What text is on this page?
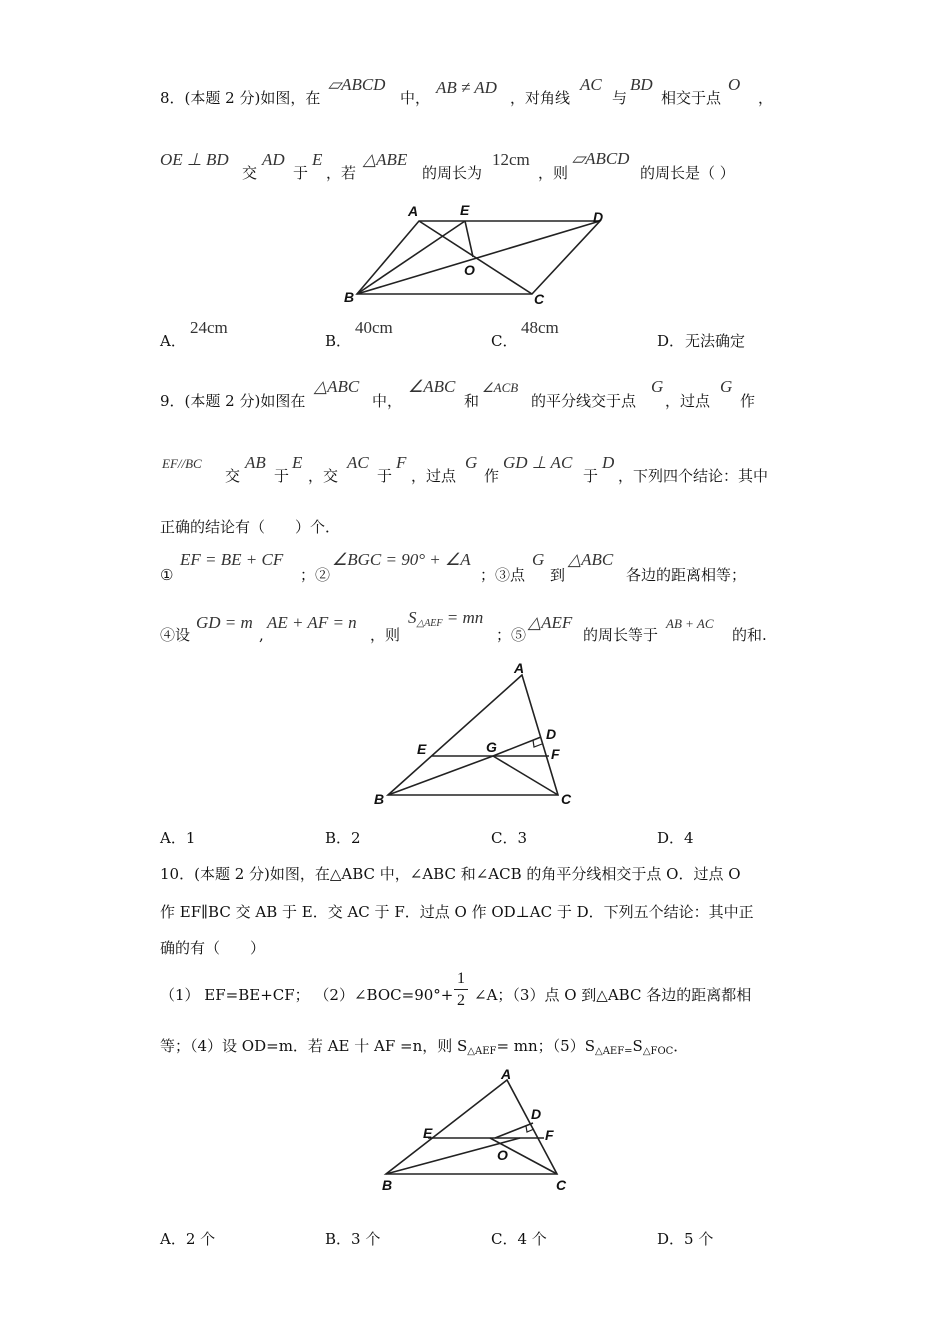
8．(本题 2 分)如图，在
▱ABCD
中，
AB ≠ AD
，对角线
AC
与
BD
相交于点
O
，
OE ⊥ BD
交
AD
于
E
，若
△ABE
的周长为
12cm
，则
▱ABCD
的周长是（ ）
A	E	D
O
B	C
A．
24cm
B．
40cm
C．
48cm
D． 无法确定
9．(本题 2 分)如图在
△ABC
中，
∠ABC
和
∠ACB
的平分线交于点
G
，过点
G
作
EF//BC
交
AB
于
E
，交
AC
于
F
，过点
G
作
GD ⊥ AC
于
D
，下列四个结论：其中
正确的结论有（　　）个．
①
EF = BE + CF
；②
∠BGC = 90° + ∠A
；③点
G
到
△ABC
各边的距离相等；
④设
GD = m
,
AE + AF = n
，则
$S_{\triangle AEF}$ = mn
；⑤
△AEF
的周长等于
AB + AC
的和.
A
D
E	G	F
B	C
A．1	B．2	C．3	D．4
10．(本题 2 分)如图，在△ABC 中，∠ABC 和∠ACB 的角平分线相交于点 O．过点 O
作 EF∥BC 交 AB 于 E．交 AC 于 F．过点 O 作 OD⊥AC 于 D．下列五个结论：其中正
确的有（　　）
（1） EF=BE+CF； （2）∠BOC=90°+
1
2 ∠A；（3）点 O 到△ABC 各边的距离都相
等；（4）设 OD=m．若 AE 十 AF =n，则 $S_{\triangle AEF}=$ mn；$(5)S_{\triangle AEF=}S_{\triangle FOC}$．
A
D
E	F
O
B	C
A．2 个	B．3 个	C．4 个	D．5 个
